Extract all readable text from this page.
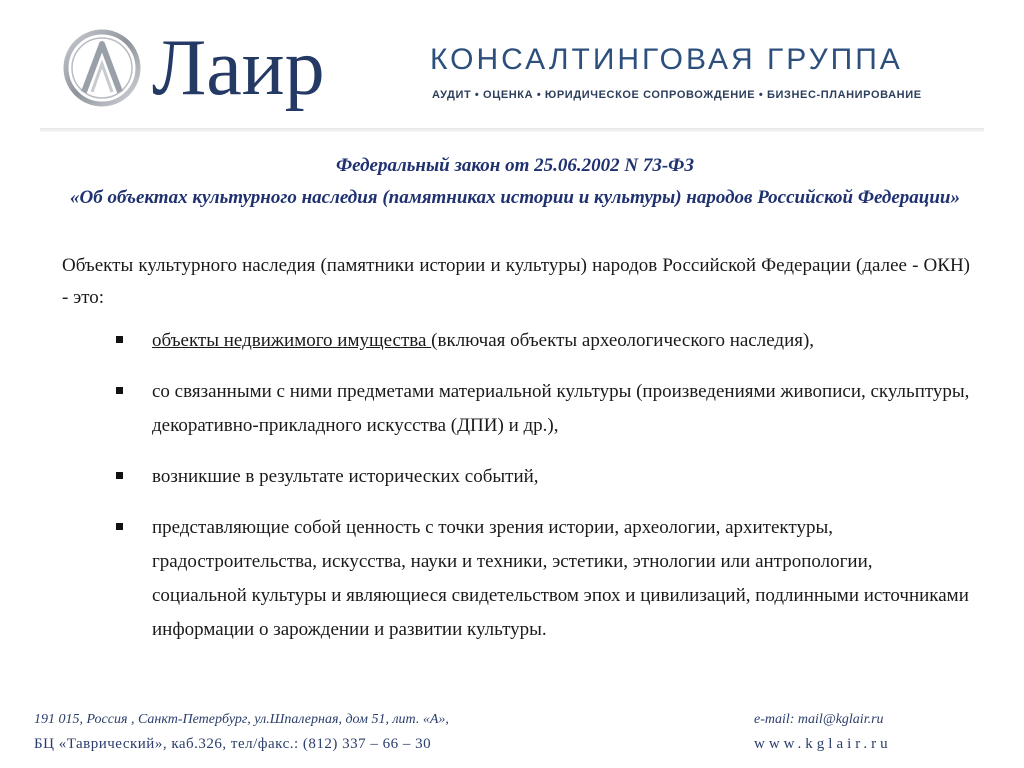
Лаир	КОНСАЛТИНГОВАЯ ГРУППА
АУДИТ • ОЦЕНКА • ЮРИДИЧЕСКОЕ СОПРОВОЖДЕНИЕ • БИЗНЕС-ПЛАНИРОВАНИЕ
Федеральный закон от 25.06.2002 N 73-ФЗ
«Об объектах культурного наследия (памятниках истории и культуры) народов Российской Федерации»
Объекты культурного наследия (памятники истории и культуры) народов Российской Федерации (далее - ОКН) - это:
объекты недвижимого имущества (включая объекты археологического наследия),
со связанными с ними предметами материальной культуры (произведениями живописи, скульптуры, декоративно-прикладного искусства (ДПИ) и др.),
возникшие в результате исторических событий,
представляющие собой ценность с точки зрения истории, археологии, архитектуры, градостроительства, искусства, науки и техники, эстетики, этнологии или антропологии, социальной культуры и являющиеся свидетельством эпох и цивилизаций, подлинными источниками информации о зарождении и развитии культуры.
191 015, Россия , Санкт-Петербург, ул.Шпалерная, дом 51, лит. «А»,
БЦ «Таврический», каб.326, тел/факс.: (812) 337 – 66 – 30
e-mail: mail@kglair.ru
www.kglair.ru
